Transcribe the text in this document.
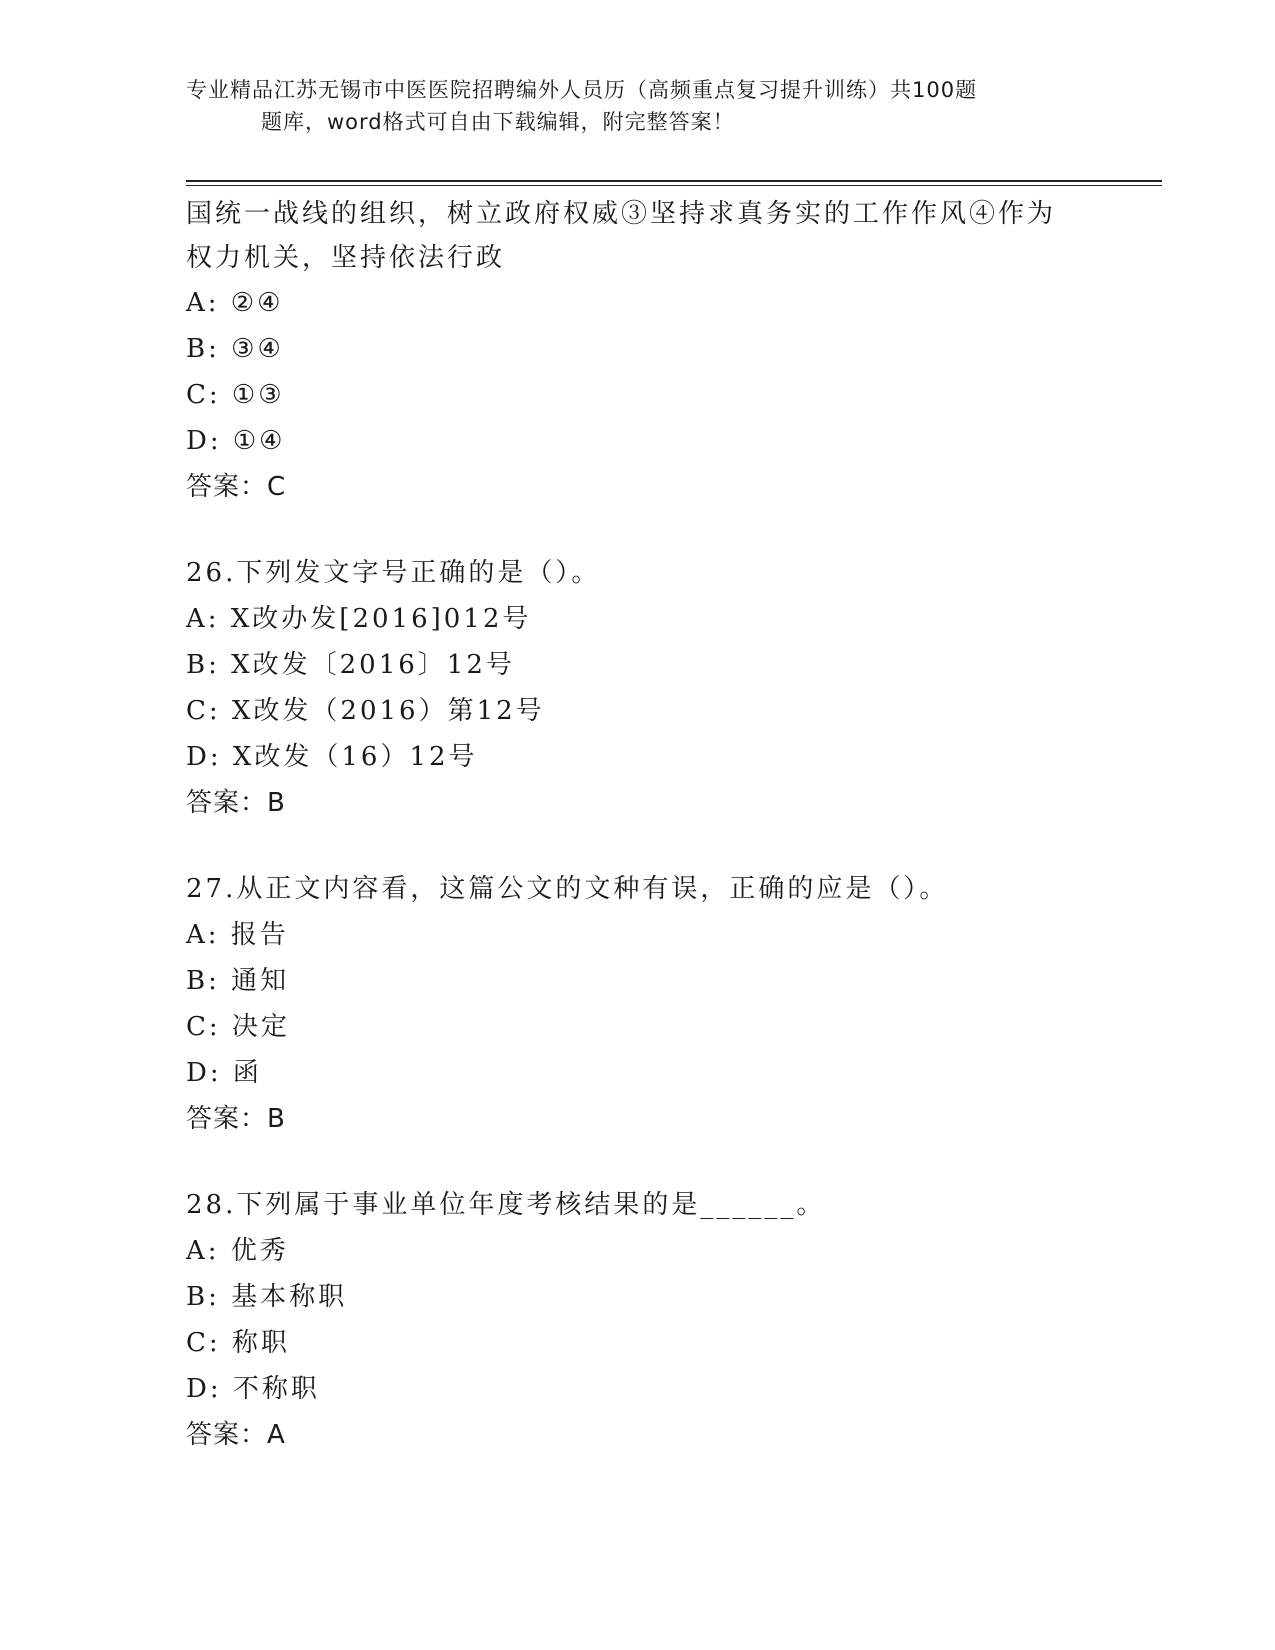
专业精品江苏无锡市中医医院招聘编外人员历（高频重点复习提升训练）共100题
题库，word格式可自由下载编辑，附完整答案！
国统一战线的组织，树立政府权威③坚持求真务实的工作作风④作为
权力机关，坚持依法行政
A: ②④
B: ③④
C: ①③
D: ①④
答案：C
26.下列发文字号正确的是（）。
A: X改办发[2016]012号
B: X改发〔2016〕12号
C: X改发（2016）第12号
D: X改发（16）12号
答案：B
27.从正文内容看，这篇公文的文种有误，正确的应是（）。
A: 报告
B: 通知
C: 决定
D: 函
答案：B
28.下列属于事业单位年度考核结果的是______。
A: 优秀
B: 基本称职
C: 称职
D: 不称职
答案：A
